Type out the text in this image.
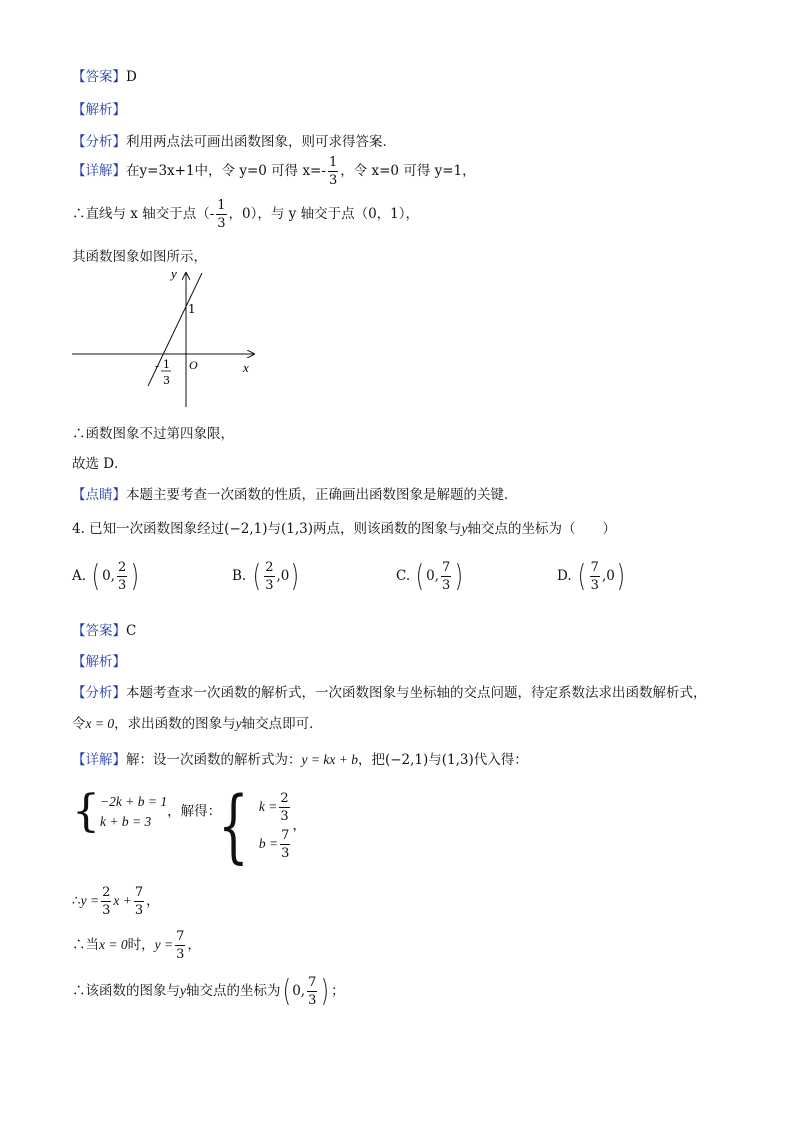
【答案】D
【解析】
【分析】利用两点法可画出函数图象，则可求得答案．
【详解】在y=3x+1中，令 y=0 可得 $x=- \frac{1}{3}$ ，令 x=0 可得 y=1，
∴直线与 x 轴交于点（- $\frac{1}{3}$ ，0），与 y 轴交于点（0，1），
其函数图象如图所示，
y
x
O
1
- 1
3
∴函数图象不过第四象限，
故选 D．
【点睛】本题主要考查一次函数的性质，正确画出函数图象是解题的关键．
4. 已知一次函数图象经过(−2,1)与(1,3)两点，则该函数的图象与y轴交点的坐标为（　　）
A. ( 0, $\frac{2}{3}$ )	B. ( $\frac{2}{3} ,0$)	C. ( 0, $\frac{7}{3}$ )	D. ( $\frac{7}{3} ,0$)
【答案】C
【解析】
【分析】本题考查求一次函数的解析式，一次函数图象与坐标轴的交点问题，待定系数法求出函数解析式，
令x = 0，求出函数的图象与y轴交点即可．
【详解】解：设一次函数的解析式为：y = kx + b，把(−2,1)与(1,3)代入得：
{ −2k + b = 1
k + b = 3
，解得：
{ $k = \frac{2}{3}$
$b = \frac{7}{3}$
，
∴y = $\frac{2}{3}$ $x + \frac{7}{3}$ ，
∴当x = 0时，$y = \frac{7}{3}$ ，
∴该函数的图象与y轴交点的坐标为( 0, $\frac{7}{3}$ ) ；
